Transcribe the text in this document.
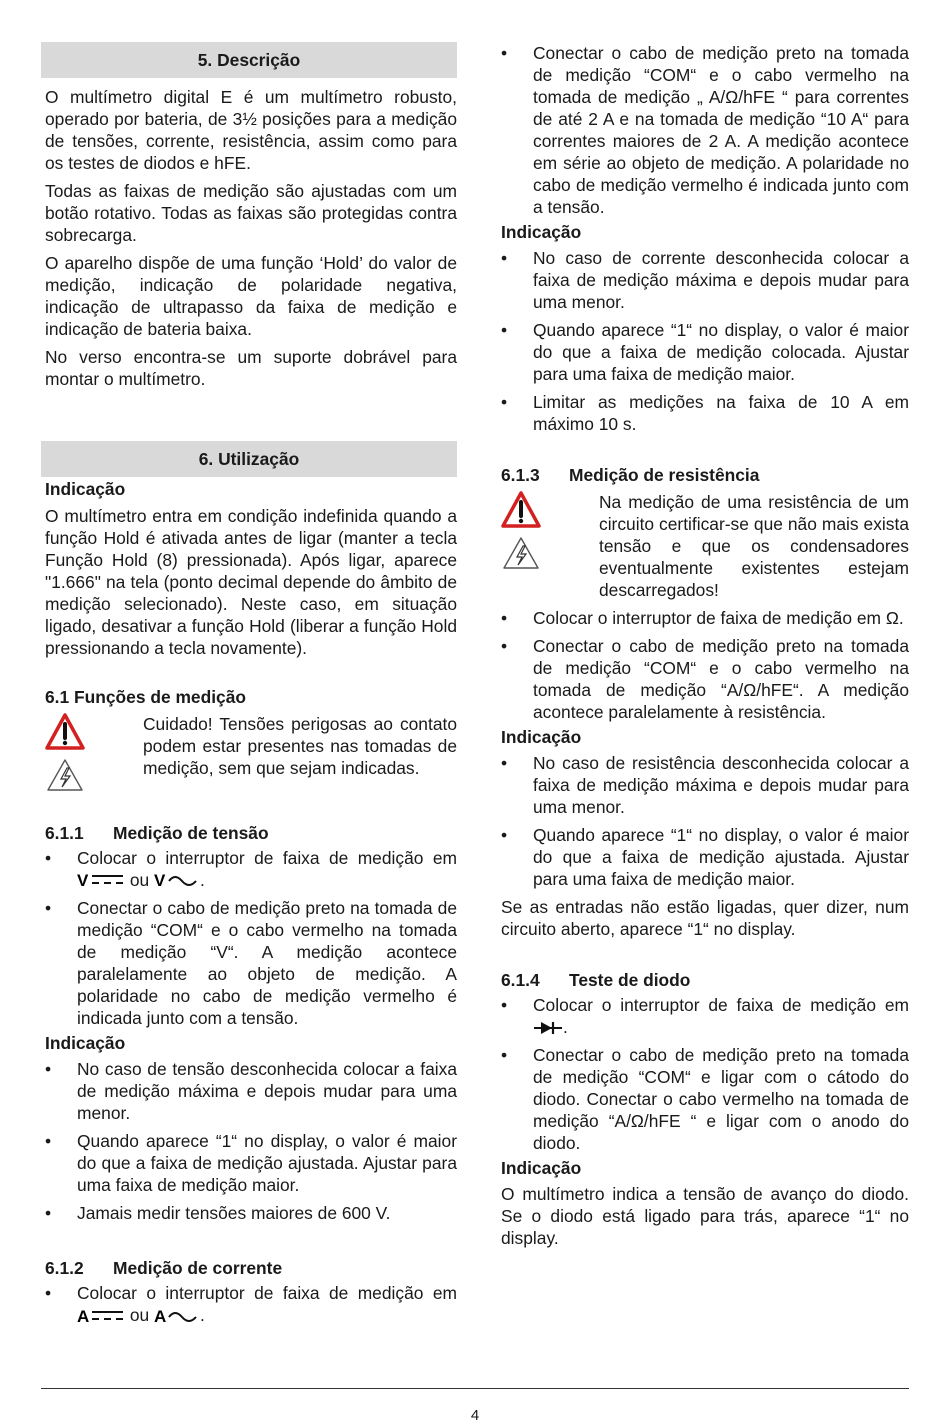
5. Descrição

O multímetro digital E é um multímetro robusto, operado por bateria, de 3½ posições para a medição de tensões, corrente, resistência, assim como para os testes de diodos e hFE.

Todas as faixas de medição são ajustadas com um botão rotativo. Todas as faixas são protegidas contra sobrecarga.

O aparelho dispõe de uma função ‘Hold’ do valor de medição, indicação de polaridade negativa, indicação de ultrapasso da faixa de medição e indicação de bateria baixa.

No verso encontra-se um suporte dobrável para montar o multímetro.

6. Utilização
Indicação

O multímetro entra em condição indefinida quando a função Hold é ativada antes de ligar (manter a tecla Função Hold (8) pressionada). Após ligar, aparece "1.666" na tela (ponto decimal depende do âmbito de medição selecionado). Neste caso, em situação ligado, desativar a função Hold (liberar a função Hold pressionando a tecla novamente).

6.1 Funções de medição
Cuidado! Tensões perigosas ao contato podem estar presentes nas tomadas de medição, sem que sejam indicadas.
6.1.1 Medição de tensão
• Colocar o interruptor de faixa de medição em
V ou V .
• Conectar o cabo de medição preto na tomada de medição “COM“ e o cabo vermelho na tomada de medição “V“. A medição acontece paralelamente ao objeto de medição. A polaridade no cabo de medição vermelho é indicada junto com a tensão.
Indicação
• No caso de tensão desconhecida colocar a faixa de medição máxima e depois mudar para uma menor.
• Quando aparece “1“ no display, o valor é maior do que a faixa de medição ajustada. Ajustar para uma faixa de medição maior.
• Jamais medir tensões maiores de 600 V.
6.1.2 Medição de corrente
• Colocar o interruptor de faixa de medição em
A ou A .
• Conectar o cabo de medição preto na tomada de medição “COM“ e o cabo vermelho na tomada de medição „ A/Ω/hFE “ para correntes de até 2 A e na tomada de medição “10 A“ para correntes maiores de 2 A. A medição acontece em série ao objeto de medição. A polaridade no cabo de medição vermelho é indicada junto com a tensão.
Indicação
• No caso de corrente desconhecida colocar a faixa de medição máxima e depois mudar para uma menor.
• Quando aparece “1“ no display, o valor é maior do que a faixa de medição colocada. Ajustar para uma faixa de medição maior.
• Limitar as medições na faixa de 10 A em máximo 10 s.
6.1.3 Medição de resistência
Na medição de uma resistência de um circuito certificar-se que não mais exista tensão e que os condensadores eventualmente existentes estejam descarregados!
• Colocar o interruptor de faixa de medição em Ω.
• Conectar o cabo de medição preto na tomada de medição “COM“ e o cabo vermelho na tomada de medição “A/Ω/hFE“. A medição acontece paralelamente à resistência.
Indicação
• No caso de resistência desconhecida colocar a faixa de medição máxima e depois mudar para uma menor.
• Quando aparece “1“ no display, o valor é maior do que a faixa de medição ajustada. Ajustar para uma faixa de medição maior.

Se as entradas não estão ligadas, quer dizer, num circuito aberto, aparece “1“ no display.

6.1.4 Teste de diodo
• Colocar o interruptor de faixa de medição em .
• Conectar o cabo de medição preto na tomada de medição “COM“ e ligar com o cátodo do diodo. Conectar o cabo vermelho na tomada de medição “A/Ω/hFE “ e ligar com o anodo do diodo.
Indicação

O multímetro indica a tensão de avanço do diodo. Se o diodo está ligado para trás, aparece “1“ no display.

4
